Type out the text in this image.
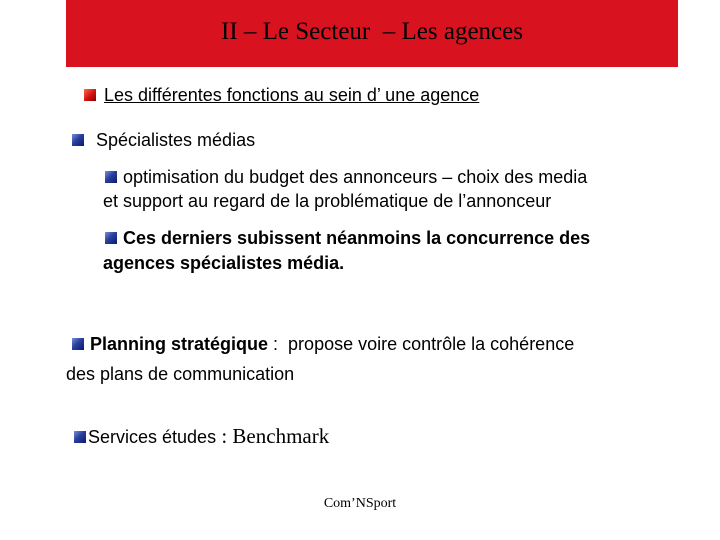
II – Le Secteur  – Les agences
Les différentes fonctions au sein d’ une agence
Spécialistes médias
optimisation du budget des annonceurs – choix des media
et support au regard de la problématique de l’annonceur
Ces derniers subissent néanmoins la concurrence des
agences spécialistes média.
Planning stratégique :  propose voire contrôle la cohérence
des plans de communication
Services études : Benchmark
Com’NSport
